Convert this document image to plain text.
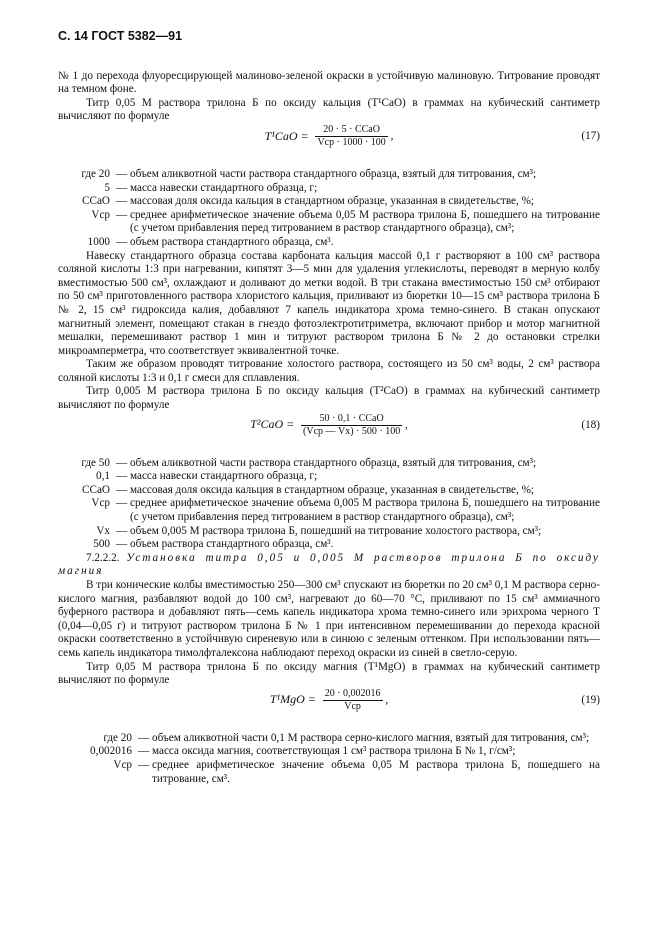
С. 14 ГОСТ 5382—91

№ 1 до перехода флуоресцирующей малиново-зеленой окраски в устойчивую малиновую. Титрование проводят на темном фоне.

Титр 0,05 М раствора трилона Б по оксиду кальция (T¹CaO) в граммах на кубический сантиметр вычисляют по формуле

$T^1CaO = \frac{\text{20 · 5 · CCaO}}{\text{Vср · 1000 · 100}}$ ,	(17)
где 20 — объем аликвотной части раствора стандартного образца, взятый для титрования, см³;
5 — масса навески стандартного образца, г;
CCaO — массовая доля оксида кальция в стандартном образце, указанная в свидетельстве, %;
Vср — среднее арифметическое значение объема 0,05 М раствора трилона Б, пошедшего на титрование (с учетом прибавления перед титрованием в раствор стандартного образца), см³;
1000 — объем раствора стандартного образца, см³.

Навеску стандартного образца состава карбоната кальция массой 0,1 г растворяют в 100 см³ раствора соляной кислоты 1:3 при нагревании, кипятят 3—5 мин для удаления углекислоты, переводят в мерную колбу вместимостью 500 см³, охлаждают и доливают до метки водой. В три стакана вместимостью 150 см³ отбирают по 50 см³ приготовленного раствора хлористого кальция, приливают из бюретки 10—15 см³ раствора трилона Б № 2, 15 см³ гидроксида калия, добавляют 7 капель индикатора хрома темно-синего. В стакан опускают магнитный элемент, помещают стакан в гнездо фотоэлектротитриметра, включают прибор и мотор магнитной мешалки, перемешивают раствор 1 мин и титруют раствором трилона Б № 2 до остановки стрелки микроамперметра, что соответствует эквивалентной точке.

Таким же образом проводят титрование холостого раствора, состоящего из 50 см³ воды, 2 см³ раствора соляной кислоты 1:3 и 0,1 г смеси для сплавления.

Титр 0,005 М раствора трилона Б по оксиду кальция (T²CaO) в граммах на кубический сантиметр вычисляют по формуле

$T^2CaO = \frac{\text{50 · 0,1 · CCaO}}{\text{(Vср — Vx) · 500 · 100}}$ ,	(18)
где 50 — объем аликвотной части раствора стандартного образца, взятый для титрования, см³;
0,1 — масса навески стандартного образца, г;
CCaO — массовая доля оксида кальция в стандартном образце, указанная в свидетельстве, %;
Vср — среднее арифметическое значение объема 0,005 М раствора трилона Б, пошедшего на титрование (с учетом прибавления перед титрованием в раствор стандартного образца), см³;
Vx — объем 0,005 М раствора трилона Б, пошедший на титрование холостого раствора, см³;
500 — объем раствора стандартного образца, см³.

7.2.2.2. Установка титра 0,05 и 0,005 М растворов трилона Б по оксиду магния

В три конические колбы вместимостью 250—300 см³ спускают из бюретки по 20 см³ 0,1 М раствора серно-кислого магния, разбавляют водой до 100 см³, нагревают до 60—70 °С, приливают по 15 см³ аммиачного буферного раствора и добавляют пять—семь капель индикатора хрома темно-синего или эрихрома черного Т (0,04—0,05 г) и титруют раствором трилона Б № 1 при интенсивном перемешивании до перехода красной окраски соответственно в устойчивую сиреневую или в синюю с зеленым оттенком. При использовании пять—семь капель индикатора тимолфталексона наблюдают переход окраски из синей в светло-серую.

Титр 0,05 М раствора трилона Б по оксиду магния (T¹MgO) в граммах на кубический сантиметр вычисляют по формуле

$T^1MgO = \frac{20 \cdot 0,002016}{\text{Vср}}$ ,	(19)
где 20 — объем аликвотной части 0,1 М раствора серно-кислого магния, взятый для титрования, см³;
0,002016 — масса оксида магния, соответствующая 1 см³ раствора трилона Б № 1, г/см³;
Vср — среднее арифметическое значение объема 0,05 М раствора трилона Б, пошедшего на титрование, см³.
